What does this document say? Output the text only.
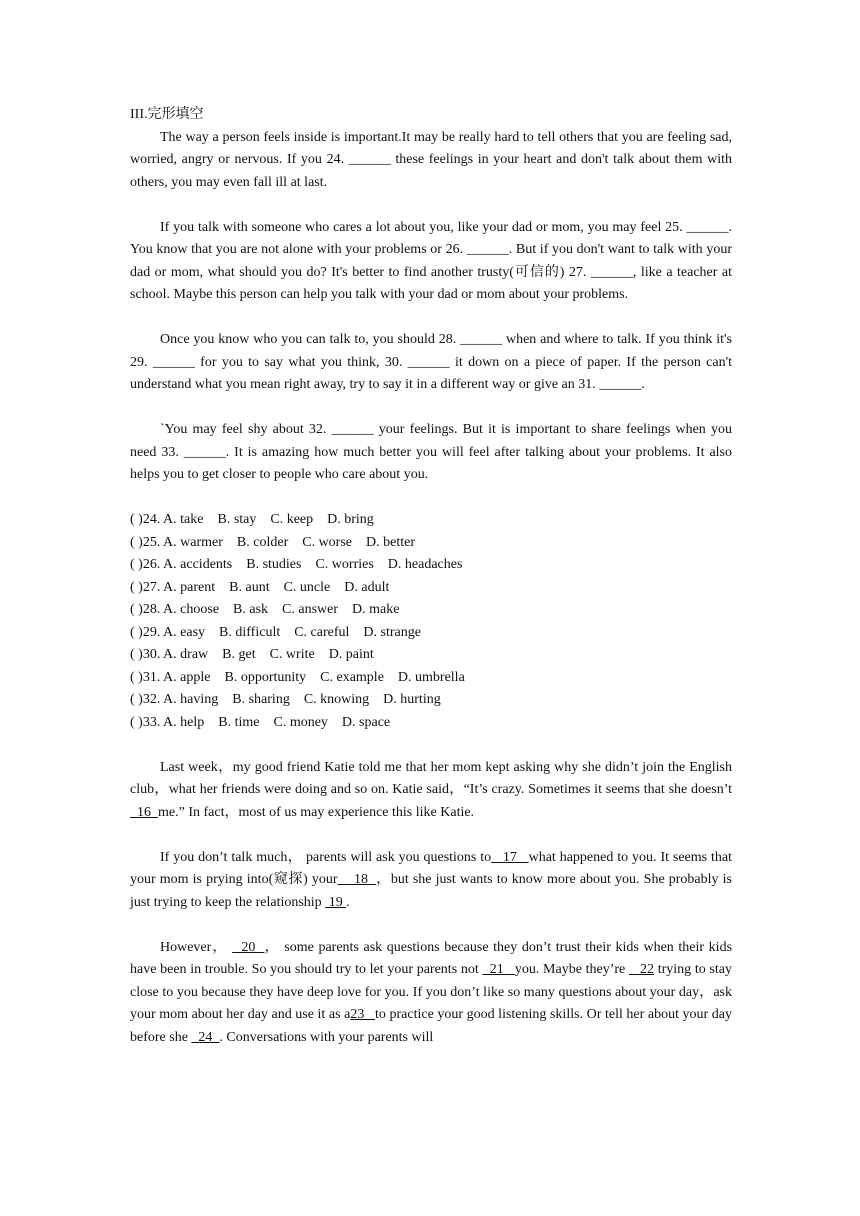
III.完形填空

The way a person feels inside is important.It may be really hard to tell others that you are feeling sad, worried, angry or nervous. If you 24. ______ these feelings in your heart and don't talk about them with others, you may even fall ill at last.

If you talk with someone who cares a lot about you, like your dad or mom, you may feel 25. ______. You know that you are not alone with your problems or 26. ______. But if you don't want to talk with your dad or mom, what should you do? It's better to find another trusty(可信的) 27. ______, like a teacher at school. Maybe this person can help you talk with your dad or mom about your problems.

Once you know who you can talk to, you should 28. ______ when and where to talk. If you think it's 29. ______ for you to say what you think, 30. ______ it down on a piece of paper. If the person can't understand what you mean right away, try to say it in a different way or give an 31. ______.

`You may feel shy about 32. ______ your feelings. But it is important to share feelings when you need 33. ______. It is amazing how much better you will feel after talking about your problems. It also helps you to get closer to people who care about you.

( )24. A. take    B. stay    C. keep    D. bring

( )25. A. warmer    B. colder    C. worse    D. better

( )26. A. accidents    B. studies    C. worries    D. headaches

( )27. A. parent    B. aunt    C. uncle    D. adult

( )28. A. choose    B. ask    C. answer    D. make

( )29. A. easy    B. difficult    C. careful    D. strange

( )30. A. draw    B. get    C. write    D. paint

( )31. A. apple    B. opportunity    C. example    D. umbrella

( )32. A. having    B. sharing    C. knowing    D. hurting

( )33. A. help    B. time    C. money    D. space

Last week，my good friend Katie told me that her mom kept asking why she didn’t join the English club，what her friends were doing and so on. Katie said，“It’s crazy. Sometimes it seems that she doesn’t   16  me.” In fact，most of us may experience this like Katie.

If you don’t talk much， parents will ask you questions to   17   what happened to you. It seems that your mom is prying into(窥探) your    18  ，but she just wants to know more about you. She probably is just trying to keep the relationship  19 .

However，   20  ， some parents ask questions because they don’t trust their kids when their kids have been in trouble. So you should try to let your parents not   21   you. Maybe they’re    22 trying to stay close to you because they have deep love for you. If you don’t like so many questions about your day，ask your mom about her day and use it as a23   to practice your good listening skills. Or tell her about your day before she   24  . Conversations with your parents will
